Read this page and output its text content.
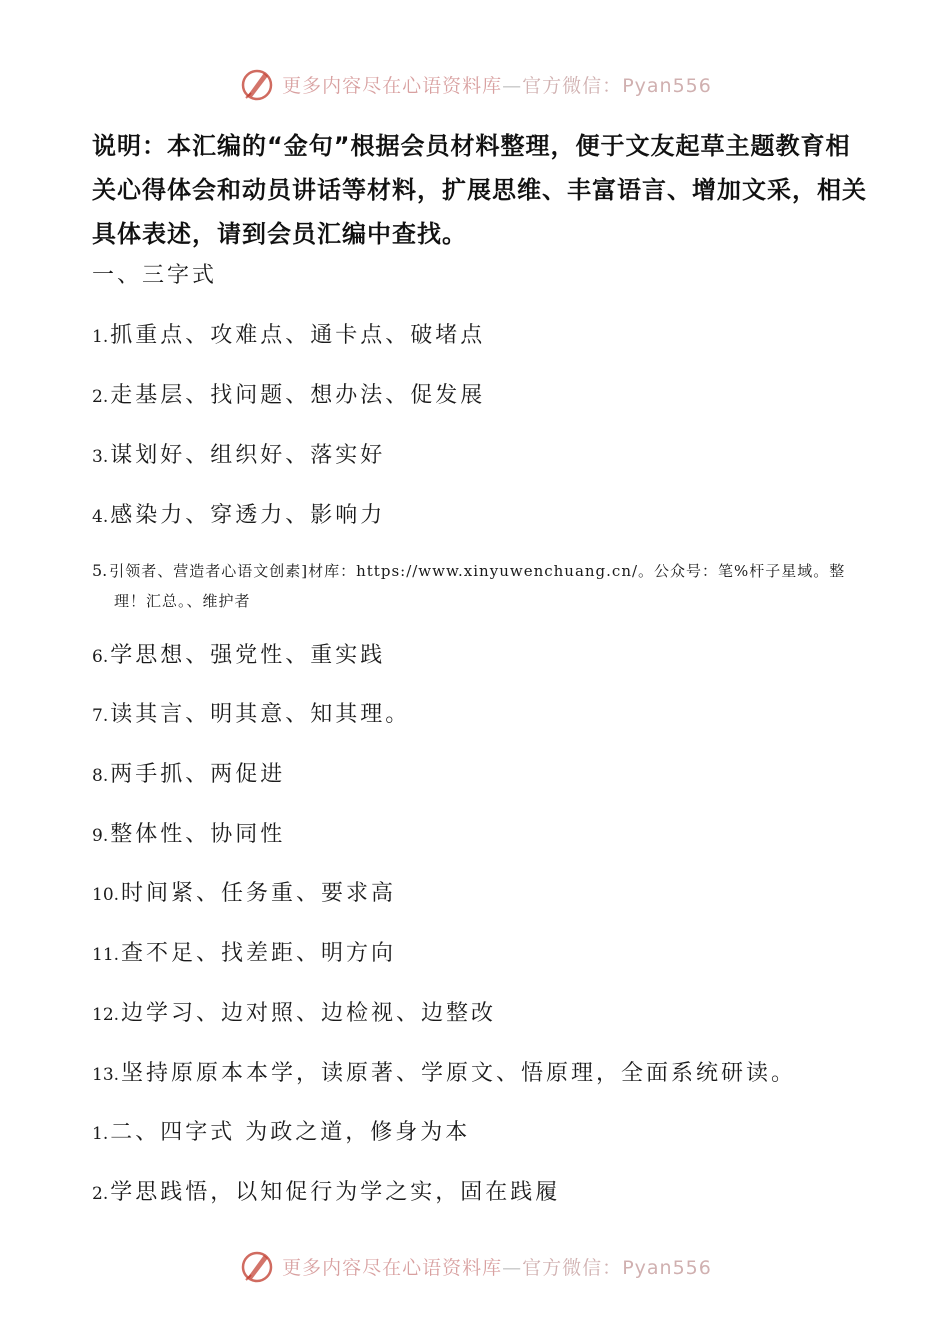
更多内容尽在心语资料库—官方微信：Pyan556
说明：本汇编的“金句”根据会员材料整理，便于文友起草主题教育相关心得体会和动员讲话等材料，扩展思维、丰富语言、增加文采，相关具体表述，请到会员汇编中查找。
一、三字式
1.抓重点、攻难点、通卡点、破堵点
2.走基层、找问题、想办法、促发展
3.谋划好、组织好、落实好
4.感染力、穿透力、影响力
5. 引领者、营造者心语文创素]材库：https://www.xinyuwenchuang.cn/。公众号：笔%杆子星域。整
理！汇总。、维护者
6.学思想、强党性、重实践
7.读其言、明其意、知其理。
8.两手抓、两促进
9.整体性、协同性
10.时间紧、任务重、要求高
11.查不足、找差距、明方向
12.边学习、边对照、边检视、边整改
13.坚持原原本本学，读原著、学原文、悟原理，全面系统研读。
1.二、四字式 为政之道，修身为本
2.学思践悟，以知促行为学之实，固在践履
更多内容尽在心语资料库—官方微信：Pyan556
